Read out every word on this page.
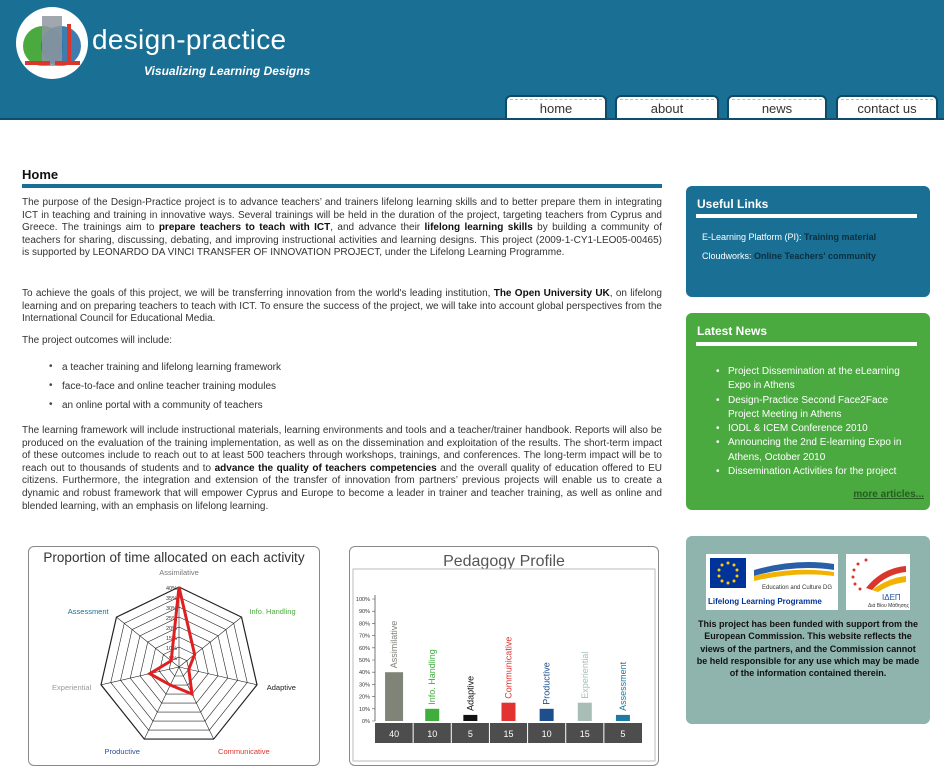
design-practice
Visualizing Learning Designs
home	about	news	contact us
Home
The purpose of the Design-Practice project is to advance teachers’ and trainers lifelong learning skills and to better prepare them in integrating ICT in teaching and training in innovative ways. Several trainings will be held in the duration of the project, targeting teachers from Cyprus and Greece. The trainings aim to prepare teachers to teach with ICT, and advance their lifelong learning skills by building a community of teachers for sharing, discussing, debating, and improving instructional activities and learning designs. This project (2009-1-CY1-LEO05-00465) is supported by LEONARDO DA VINCI TRANSFER OF INNOVATION PROJECT, under the Lifelong Learning Programme.
To achieve the goals of this project, we will be transferring innovation from the world's leading institution, The Open University UK, on lifelong learning and on preparing teachers to teach with ICT. To ensure the success of the project, we will take into account global perspectives from the International Council for Educational Media.
The project outcomes will include:
• a teacher training and lifelong learning framework
• face-to-face and online teacher training modules
• an online portal with a community of teachers
The learning framework will include instructional materials, learning environments and tools and a teacher/trainer handbook. Reports will also be produced on the evaluation of the training implementation, as well as on the dissemination and exploitation of the results. The short-term impact of these outcomes include to reach out to at least 500 teachers through workshops, trainings, and conferences. The long-term impact will be to reach out to thousands of students and to advance the quality of teachers competencies and the overall quality of education offered to EU citizens. Furthermore, the integration and extension of the transfer of innovation from partners’ previous projects will enable us to create a dynamic and robust framework that will empower Cyprus and Europe to become a leader in trainer and teacher training, as well as online and blended learning, with an emphasis on lifelong learning.
Proportion of time allocated on each activity
40%
35%
30%
25%
20%
15%
10%
5%
Assimilative
Info. Handling
Adaptive
Communicative
Productive
Experiential
Assessment
Pedagogy Profile
0%
10%
20%
30%
40%
50%
60%
70%
80%
90%
100%
Assimilative
40
Info. Handling
10
Adaptive
5
Communicative
15
Productive
10
Experiential
15
Assessment
5
Useful Links
E-Learning Platform (PI): Training material
Cloudworks: Online Teachers' community
Latest News
• Project Dissemination at the eLearning Expo in Athens
• Design-Practice Second Face2Face Project Meeting in Athens
• IODL & ICEM Conference 2010
• Announcing the 2nd E-learning Expo in Athens, October 2010
• Dissemination Activities for the project
more articles...
Education and Culture DG
Lifelong Learning Programme	ΙΔΕΠ
Διά Βίου Μάθησης
This project has been funded with support from the European Commission. This website reflects the views of the partners, and the Commission cannot be held responsible for any use which may be made of the information contained therein.
